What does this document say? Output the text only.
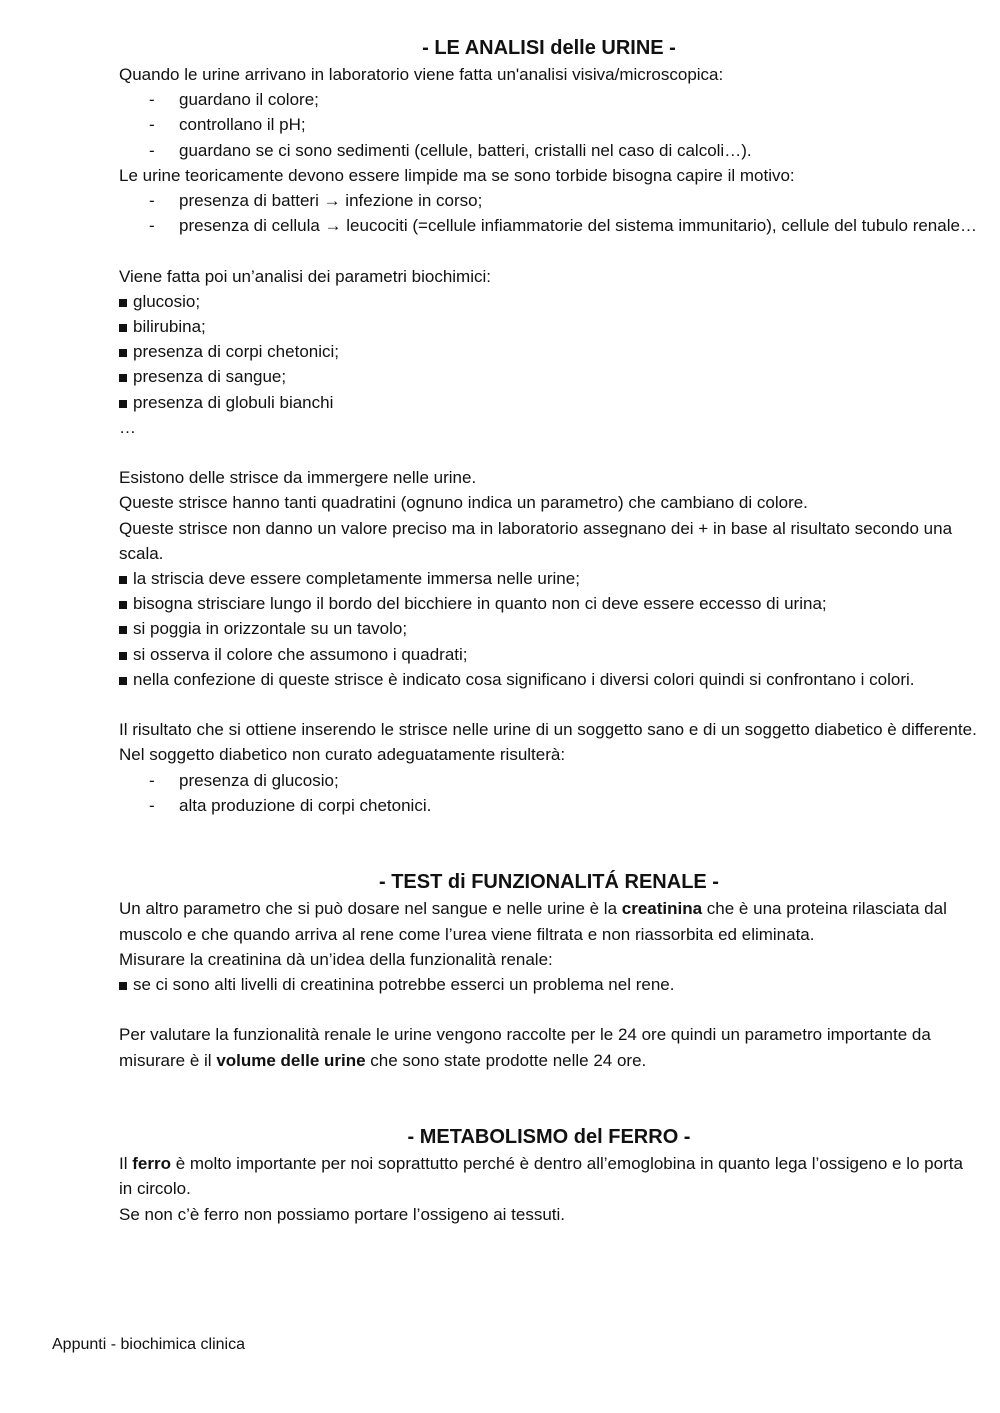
- LE ANALISI delle URINE -

Quando le urine arrivano in laboratorio viene fatta un'analisi visiva/microscopica:

- guardano il colore;
- controllano il pH;
- guardano se ci sono sedimenti (cellule, batteri, cristalli nel caso di calcoli…).

Le urine teoricamente devono essere limpide ma se sono torbide bisogna capire il motivo:

- presenza di batteri → infezione in corso;
- presenza di cellula → leucociti (=cellule infiammatorie del sistema immunitario), cellule del tubulo renale…

Viene fatta poi un’analisi dei parametri biochimici:

glucosio;
bilirubina;
presenza di corpi chetonici;
presenza di sangue;
presenza di globuli bianchi

…

Esistono delle strisce da immergere nelle urine.

Queste strisce hanno tanti quadratini (ognuno indica un parametro) che cambiano di colore.

Queste strisce non danno un valore preciso ma in laboratorio assegnano dei + in base al risultato secondo una scala.

la striscia deve essere completamente immersa nelle urine;
bisogna strisciare lungo il bordo del bicchiere in quanto non ci deve essere eccesso di urina;
si poggia in orizzontale su un tavolo;
si osserva il colore che assumono i quadrati;
nella confezione di queste strisce è indicato cosa significano i diversi colori quindi si confrontano i colori.

Il risultato che si ottiene inserendo le strisce nelle urine di un soggetto sano e di un soggetto diabetico è differente.

Nel soggetto diabetico non curato adeguatamente risulterà:

- presenza di glucosio;
- alta produzione di corpi chetonici.
- TEST di FUNZIONALITÁ RENALE -

Un altro parametro che si può dosare nel sangue e nelle urine è la creatinina che è una proteina rilasciata dal muscolo e che quando arriva al rene come l’urea viene filtrata e non riassorbita ed eliminata.

Misurare la creatinina dà un’idea della funzionalità renale:

se ci sono alti livelli di creatinina potrebbe esserci un problema nel rene.

Per valutare la funzionalità renale le urine vengono raccolte per le 24 ore quindi un parametro importante da misurare è il volume delle urine che sono state prodotte nelle 24 ore.

- METABOLISMO del FERRO -

Il ferro è molto importante per noi soprattutto perché è dentro all’emoglobina in quanto lega l’ossigeno e lo porta in circolo.

Se non c’è ferro non possiamo portare l’ossigeno ai tessuti.

Appunti - biochimica clinica
